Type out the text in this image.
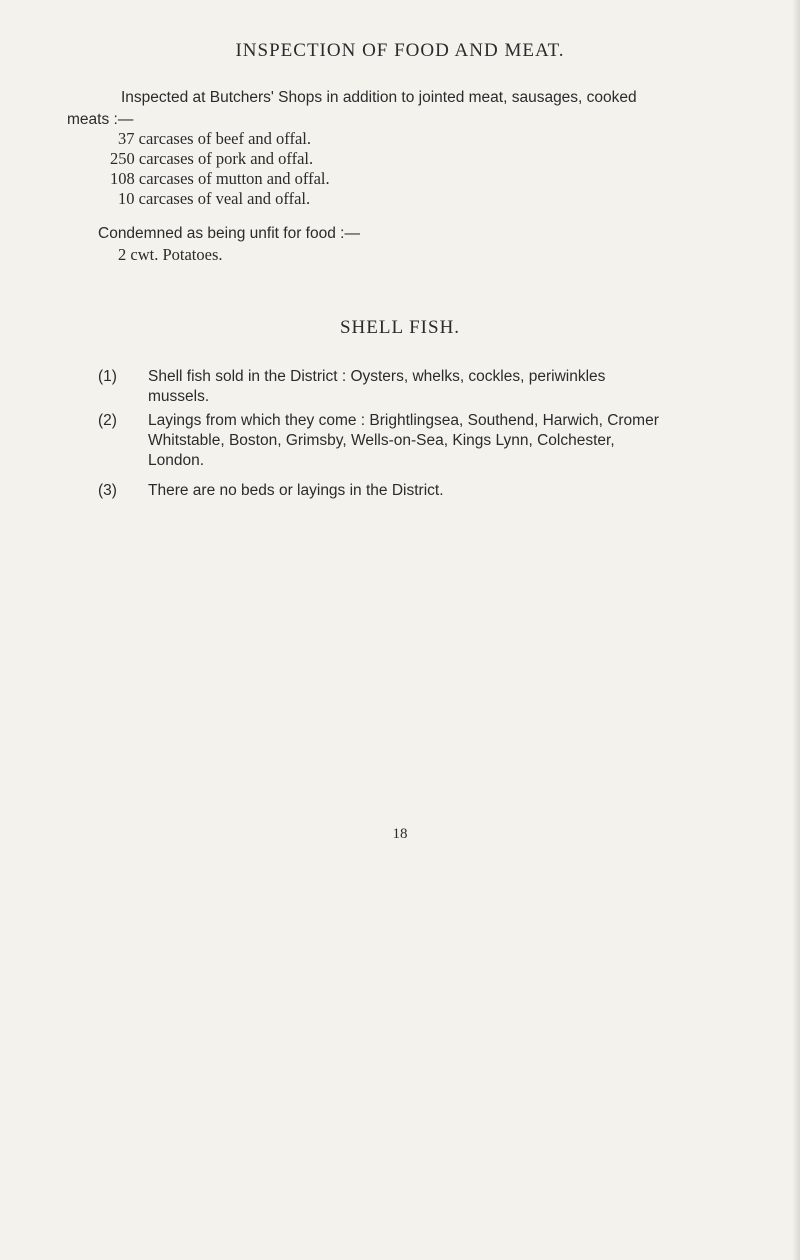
INSPECTION OF FOOD AND MEAT.
Inspected at Butchers' Shops in addition to jointed meat, sausages, cooked
meats :—
37 carcases of beef and offal.
250 carcases of pork and offal.
108 carcases of mutton and offal.
10 carcases of veal and offal.
Condemned as being unfit for food :—
2 cwt. Potatoes.
SHELL FISH.
(1) Shell fish sold in the District : Oysters, whelks, cockles, periwinkles
mussels.
(2) Layings from which they come : Brightlingsea, Southend, Harwich, Cromer
Whitstable, Boston, Grimsby, Wells-on-Sea, Kings Lynn, Colchester,
London.
(3) There are no beds or layings in the District.
18
